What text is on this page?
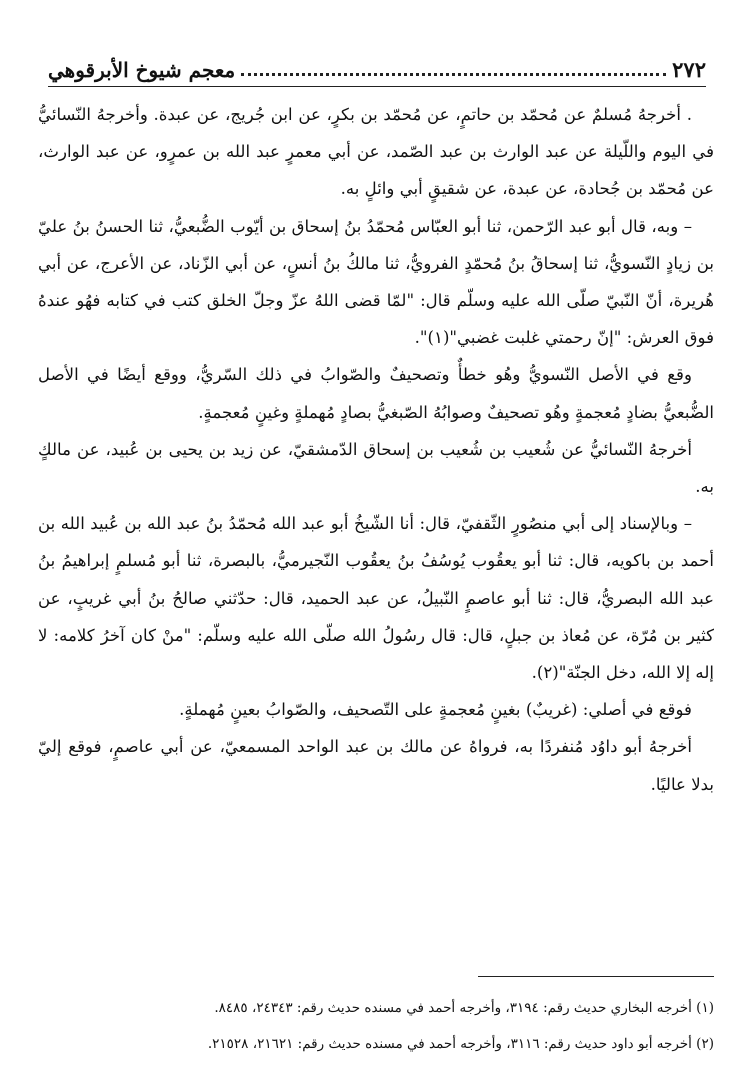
٢٧٢
معجم شيوخ الأبرقوهي

. أخرجهُ مُسلمٌ عن مُحمّد بن حاتمٍ، عن مُحمّد بن بكرٍ، عن ابن جُريج، عن عبدة. وأخرجهُ النّسائيُّ في اليوم واللّيلة عن عبد الوارث بن عبد الصّمد، عن أبي معمرٍ عبد الله بن عمرٍو، عن عبد الوارث، عن مُحمّد بن جُحادة، عن عبدة، عن شقيقٍ أبي وائلٍ به.

– وبه، قال أبو عبد الرّحمن، ثنا أبو العبّاس مُحمّدُ بنُ إسحاق بن أيّوب الضُّبعيُّ، ثنا الحسنُ بنُ عليّ بن زيادٍ النّسويُّ، ثنا إسحاقُ بنُ مُحمّدٍ الفرويُّ، ثنا مالكُ بنُ أنسٍ، عن أبي الزّناد، عن الأعرج، عن أبي هُريرة، أنّ النّبيّ صلّى الله عليه وسلّم قال: "لمّا قضى اللهُ عزّ وجلّ الخلق كتب في كتابه فهُو عندهُ فوق العرش: "إنّ رحمتي غلبت غضبي"(١)".

وقع في الأصل النّسويُّ وهُو خطأٌ وتصحيفٌ والصّوابُ في ذلك السّريُّ، ووقع أيضًا في الأصل الضُّبعيُّ بضادٍ مُعجمةٍ وهُو تصحيفٌ وصوابُهُ الصّبغيُّ بصادٍ مُهملةٍ وغينٍ مُعجمةٍ.

أخرجهُ النّسائيُّ عن شُعيب بن شُعيب بن إسحاق الدّمشقيّ، عن زيد بن يحيى بن عُبيد، عن مالكٍ به.

– وبالإسناد إلى أبي منصُورٍ الثّقفيّ، قال: أنا الشّيخُ أبو عبد الله مُحمّدُ بنُ عبد الله بن عُبيد الله بن أحمد بن باكويه، قال: ثنا أبو يعقُوب يُوسُفُ بنُ يعقُوب النّجيرميُّ، بالبصرة، ثنا أبو مُسلمٍ إبراهيمُ بنُ عبد الله البصريُّ، قال: ثنا أبو عاصمٍ النّبيلُ، عن عبد الحميد، قال: حدّثني صالحُ بنُ أبي غريبٍ، عن كثير بن مُرّة، عن مُعاذ بن جبلٍ، قال: قال رسُولُ الله صلّى الله عليه وسلّم: "منْ كان آخرُ كلامه: لا إله إلا الله، دخل الجنّة"(٢).

فوقع في أصلي: (غريبٌ) بغينٍ مُعجمةٍ على التّصحيف، والصّوابُ بعينٍ مُهملةٍ.

أخرجهُ أبو داوُد مُنفردًا به، فرواهُ عن مالك بن عبد الواحد المسمعيّ، عن أبي عاصمٍ، فوقع إليّ بدلا عاليًا.

(١) أخرجه البخاري حديث رقم: ٣١٩٤، وأخرجه أحمد في مسنده حديث رقم: ٢٤٣٤٣، ٨٤٨٥.

(٢) أخرجه أبو داود حديث رقم: ٣١١٦، وأخرجه أحمد في مسنده حديث رقم: ٢١٦٢١، ٢١٥٢٨.
